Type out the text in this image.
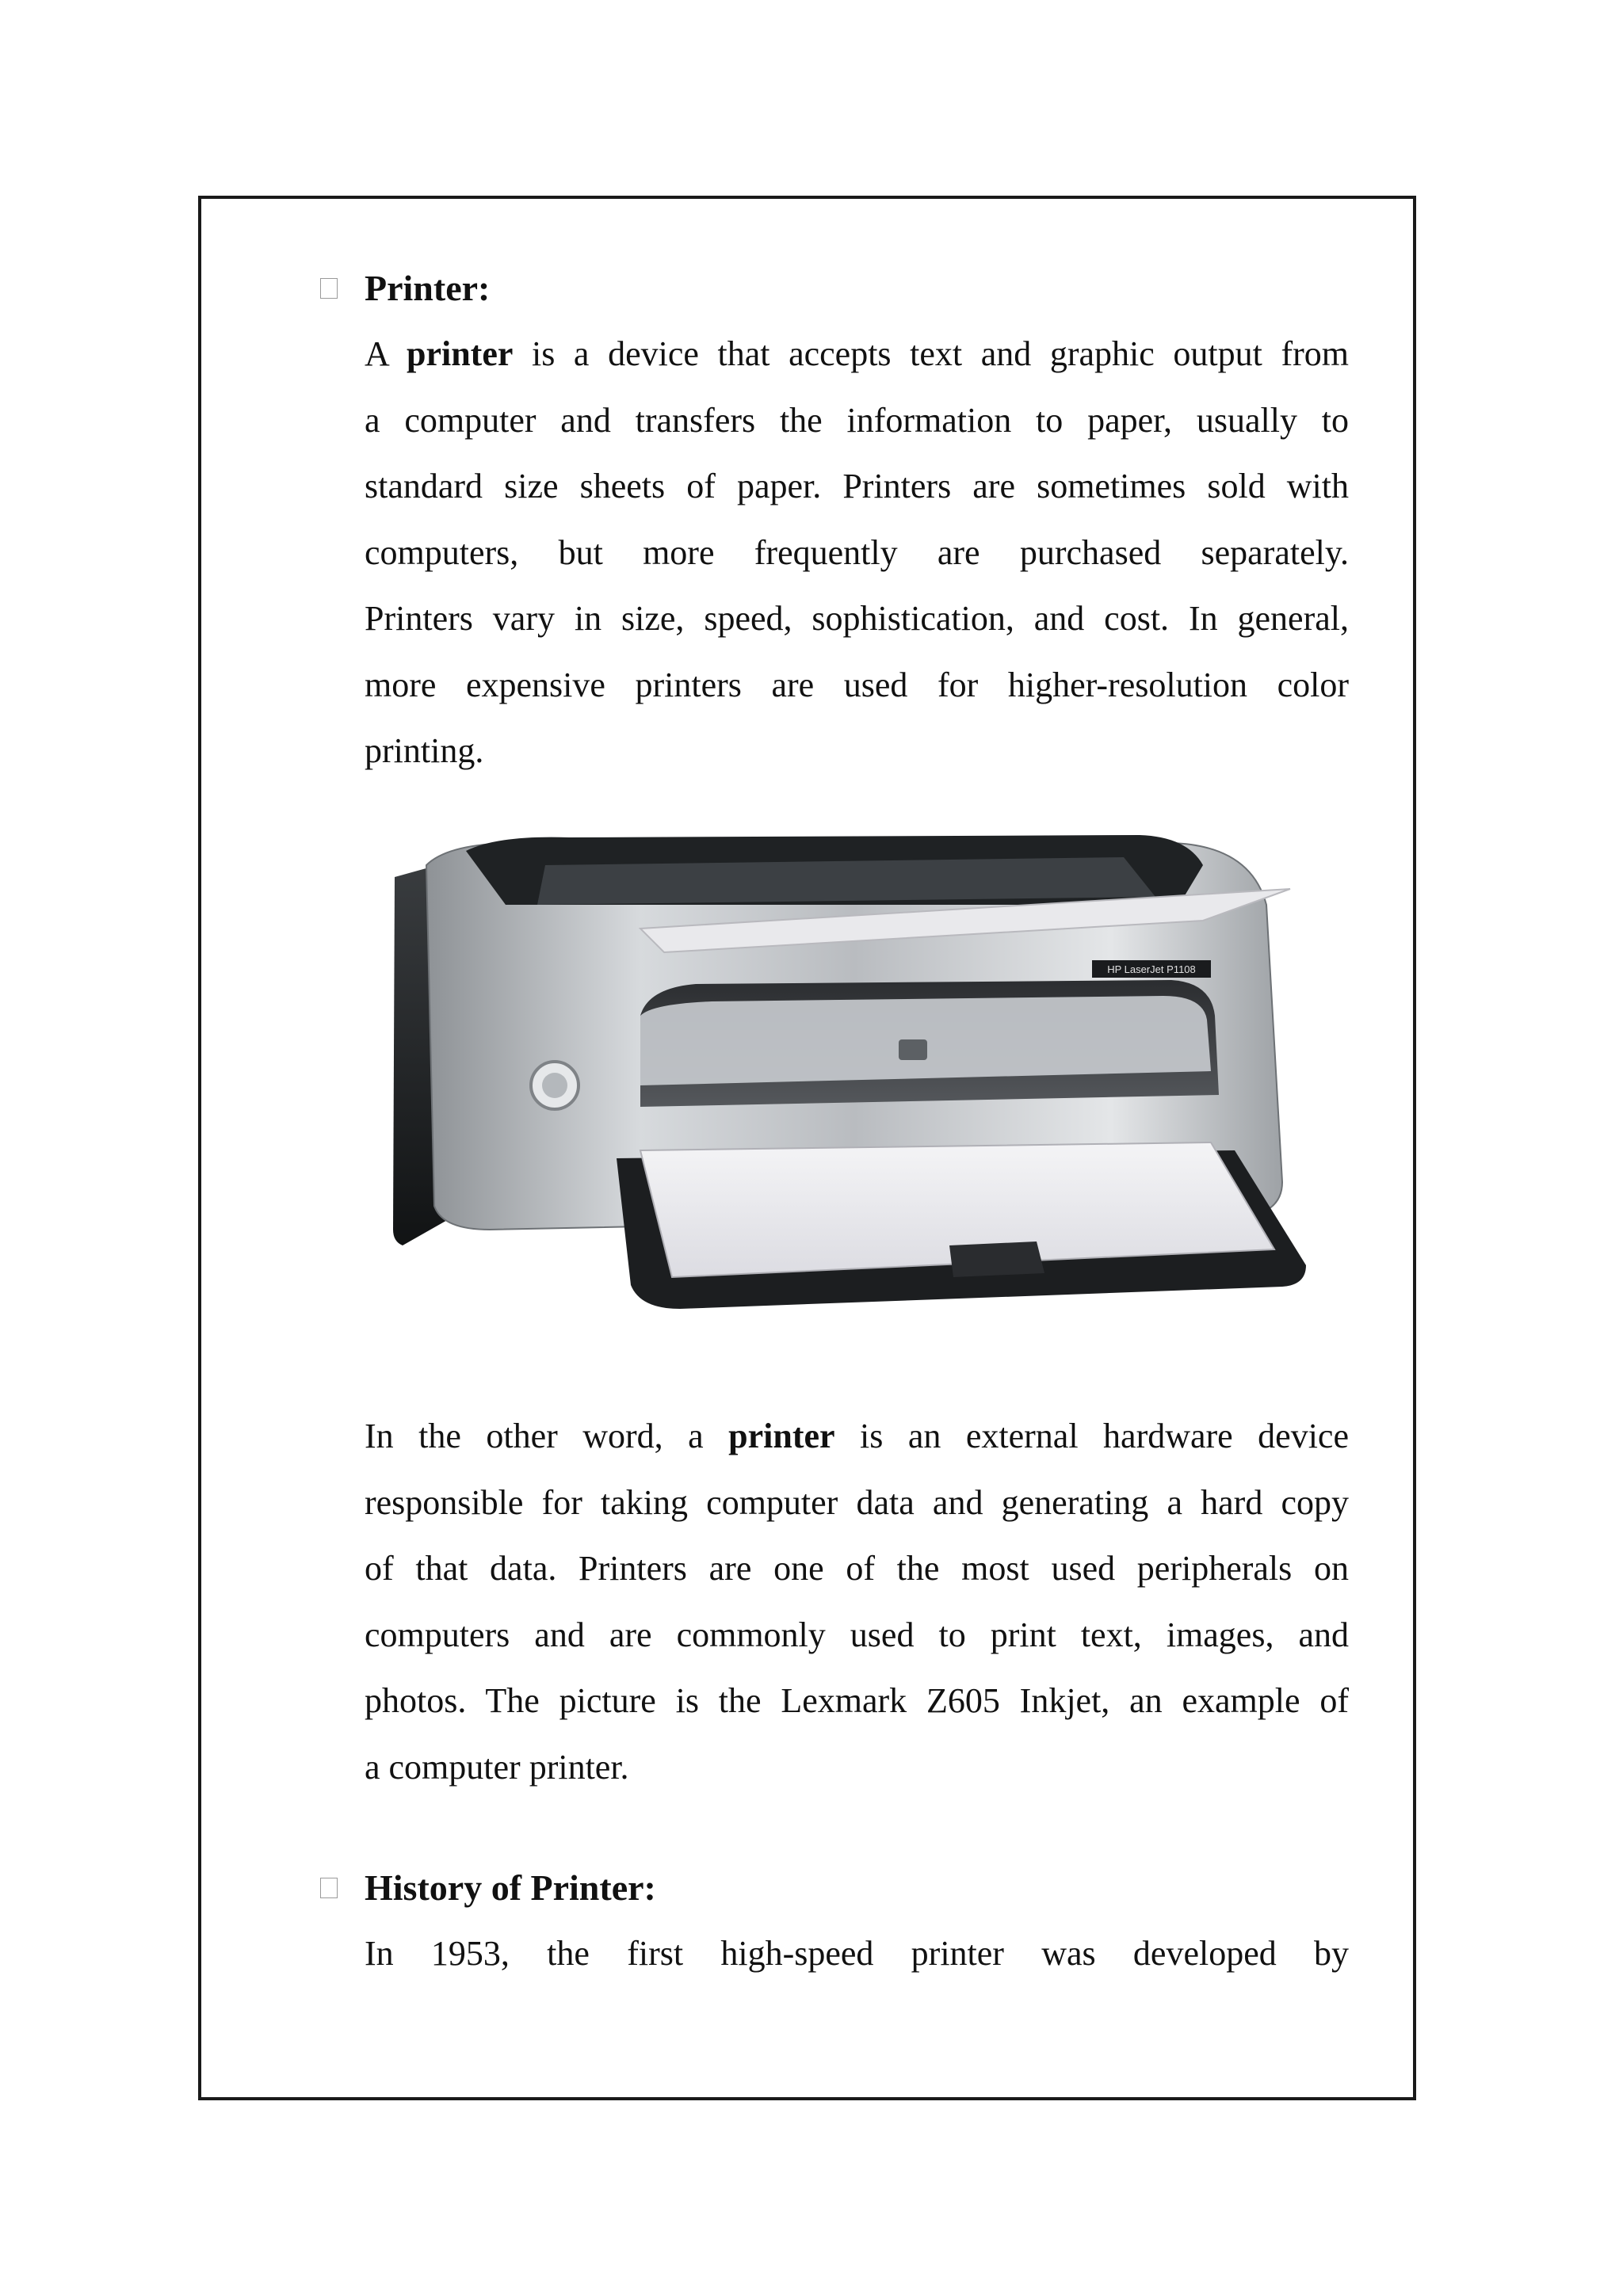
Printer:
A printer is a device that accepts text and graphic output from
a computer and transfers the information to paper, usually to
standard size sheets of paper. Printers are sometimes sold with
computers, but more frequently are purchased separately.
Printers vary in size, speed, sophistication, and cost. In general,
more expensive printers are used for higher-resolution color
printing.
HP LaserJet P1108
In the other word, a printer is an external hardware device
responsible for taking computer data and generating a hard copy
of that data. Printers are one of the most used peripherals on
computers and are commonly used to print text, images, and
photos. The picture is the Lexmark Z605 Inkjet, an example of
a computer printer.
History of Printer:
In 1953, the first high-speed printer was developed by
